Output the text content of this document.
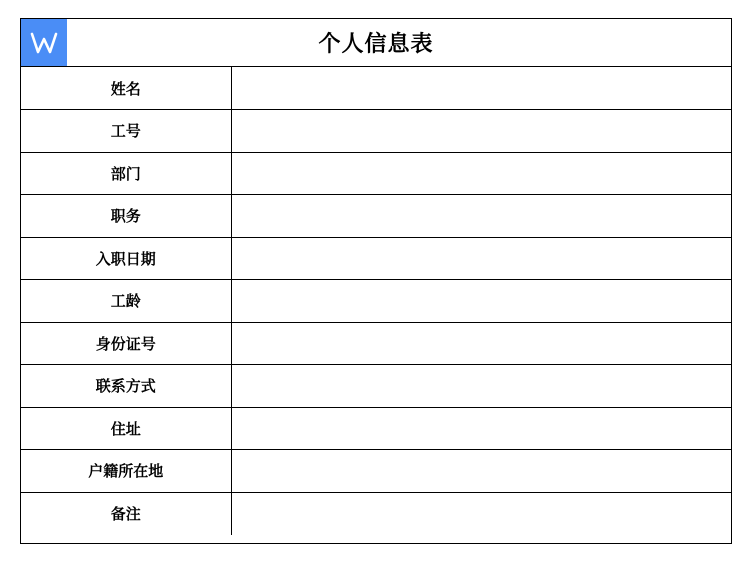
个人信息表
姓名	
工号	
部门	
职务	
入职日期	
工龄	
身份证号	
联系方式	
住址	
户籍所在地	
备注	
